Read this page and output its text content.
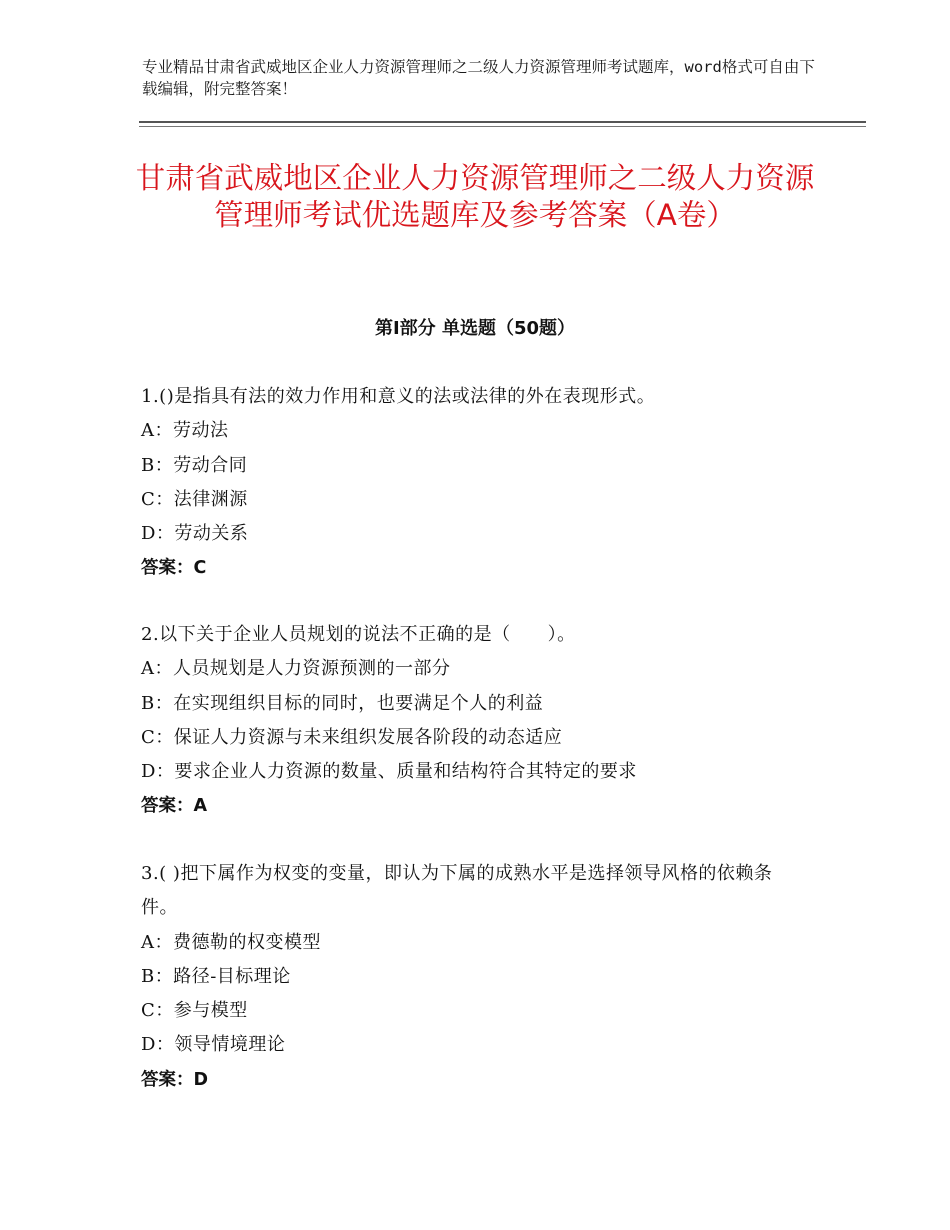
专业精品甘肃省武威地区企业人力资源管理师之二级人力资源管理师考试题库，word格式可自由下载编辑，附完整答案！
甘肃省武威地区企业人力资源管理师之二级人力资源管理师考试优选题库及参考答案（A卷）
第Ⅰ部分 单选题（50题）
1.()是指具有法的效力作用和意义的法或法律的外在表现形式。
A：劳动法
B：劳动合同
C：法律渊源
D：劳动关系
答案：C
2.以下关于企业人员规划的说法不正确的是（　　）。
A：人员规划是人力资源预测的一部分
B：在实现组织目标的同时，也要满足个人的利益
C：保证人力资源与未来组织发展各阶段的动态适应
D：要求企业人力资源的数量、质量和结构符合其特定的要求
答案：A
3.( )把下属作为权变的变量，即认为下属的成熟水平是选择领导风格的依赖条件。
A：费德勒的权变模型
B：路径-目标理论
C：参与模型
D：领导情境理论
答案：D
